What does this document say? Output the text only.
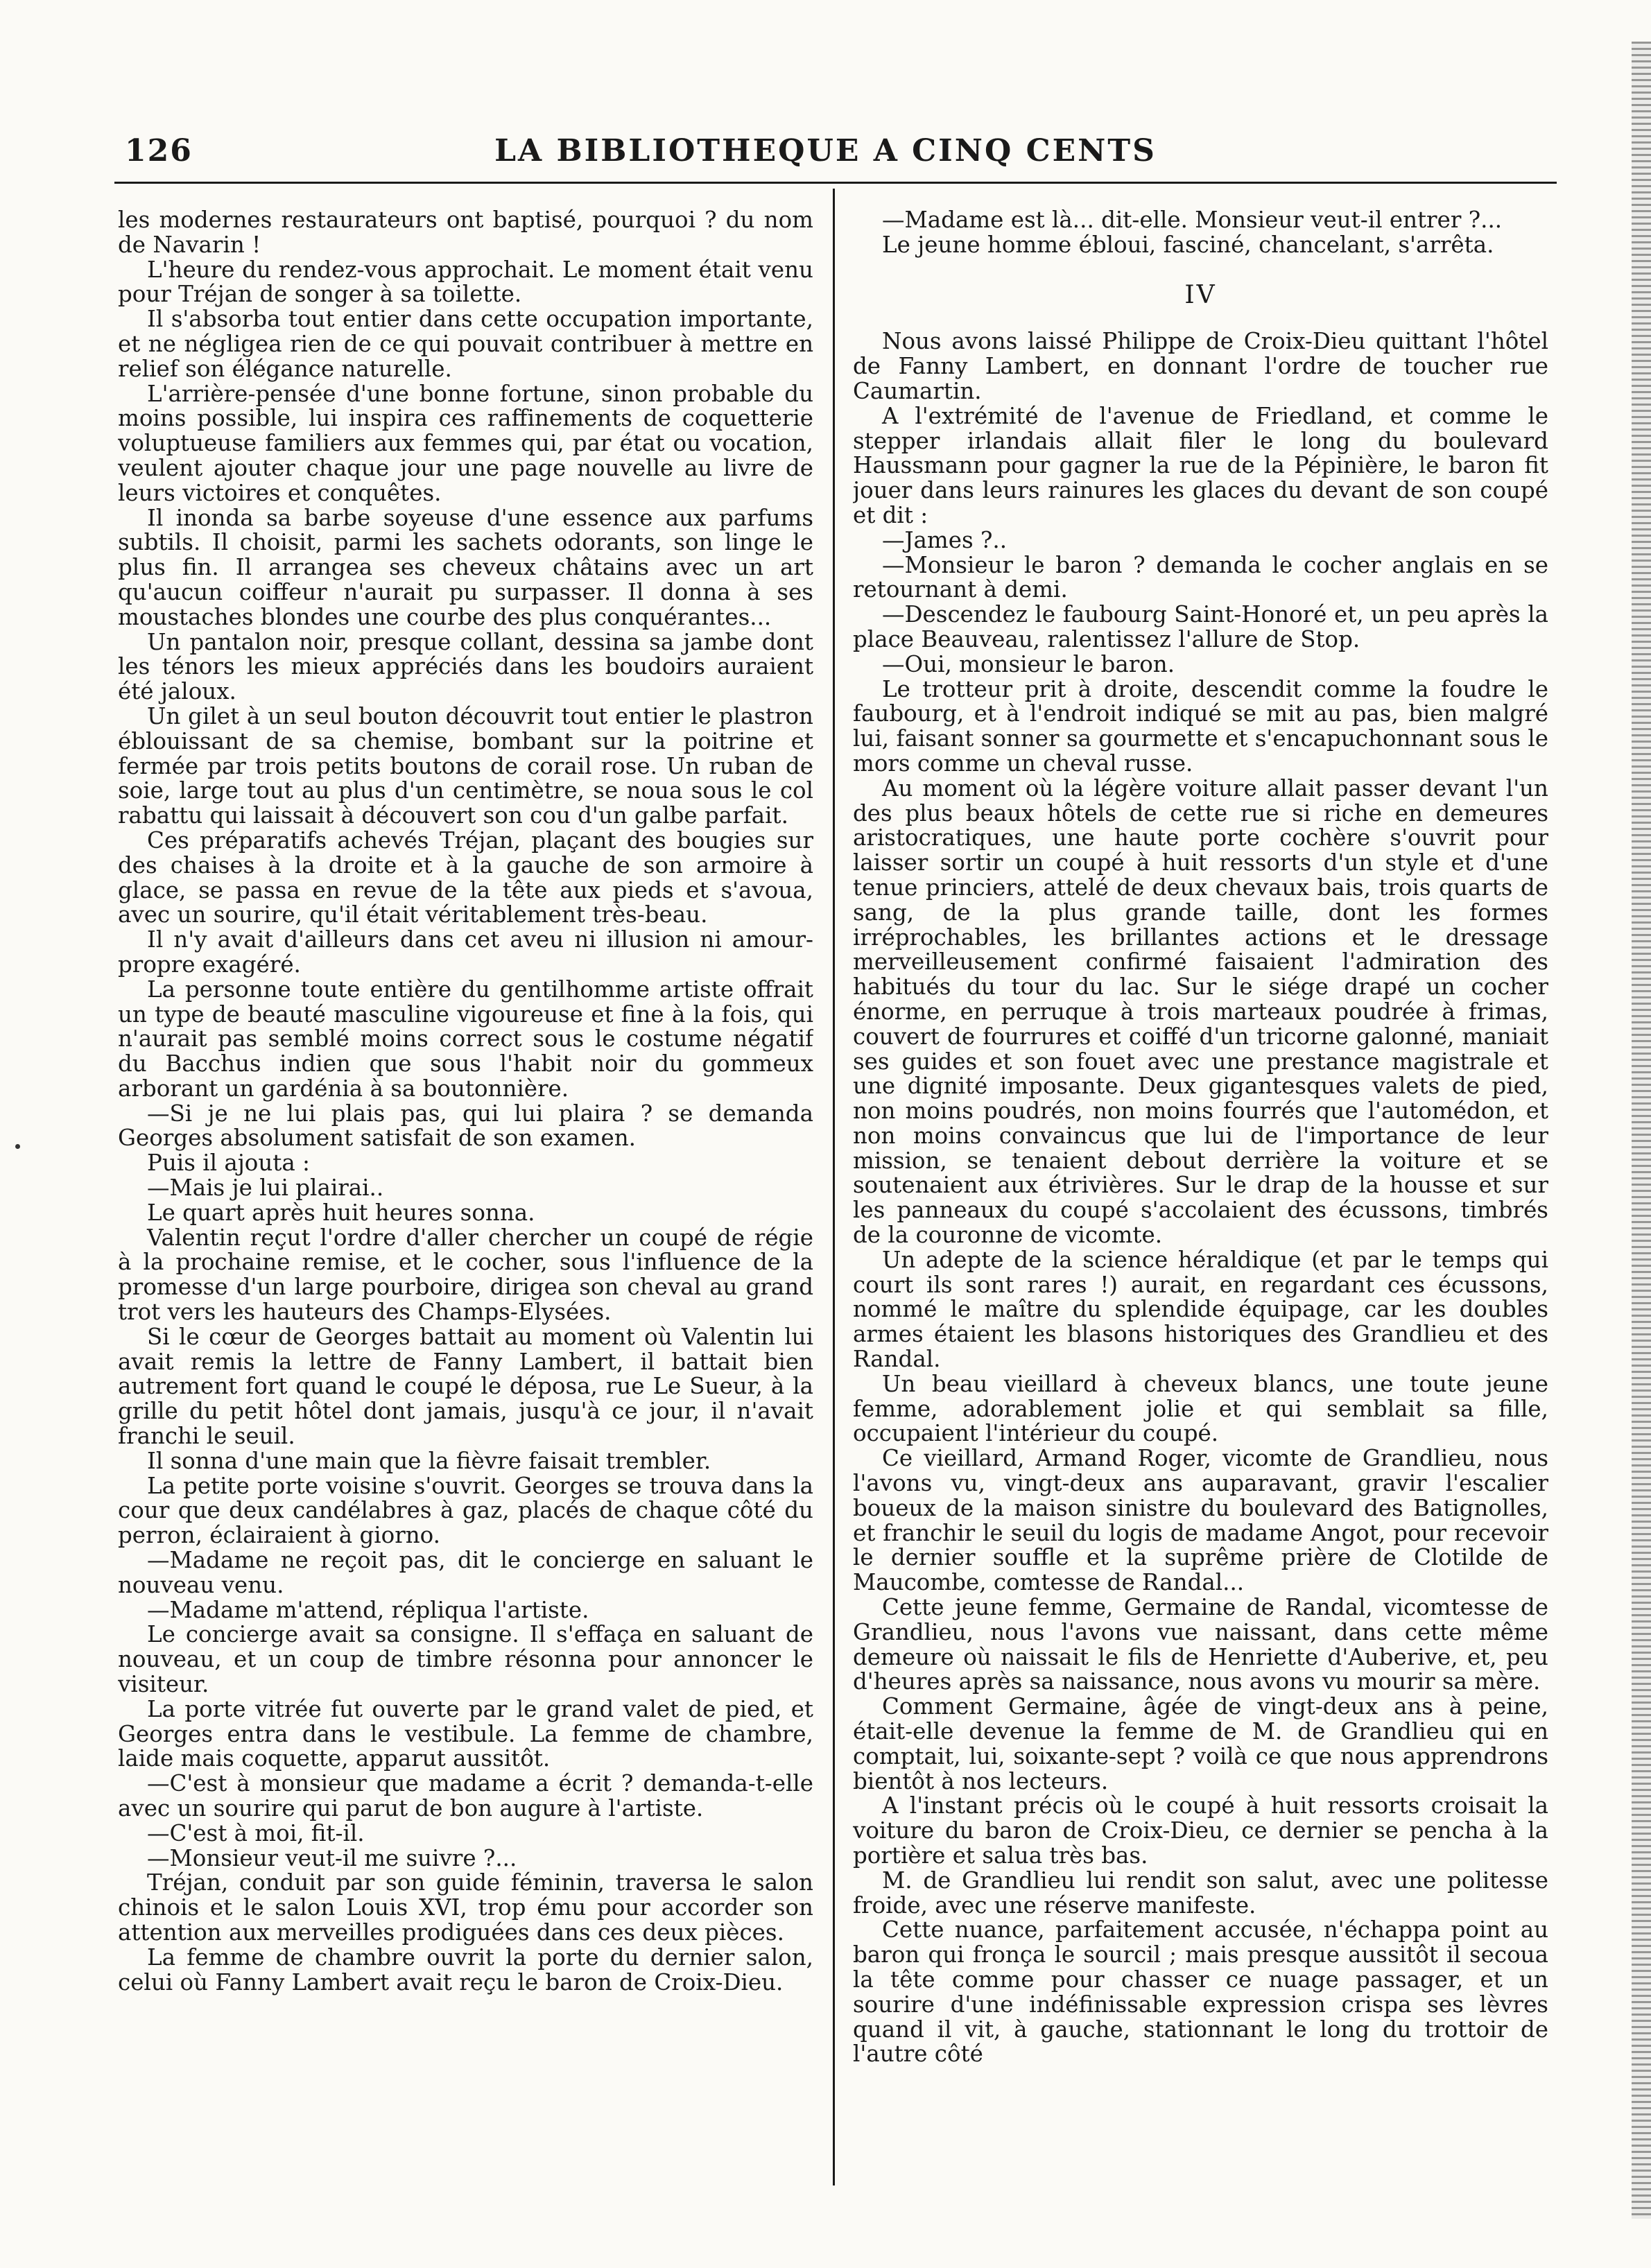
126	LA BIBLIOTHEQUE A CINQ CENTS

les modernes restaurateurs ont baptisé, pourquoi ? du nom de Navarin !

L'heure du rendez-vous approchait. Le moment était venu pour Tréjan de songer à sa toilette.

Il s'absorba tout entier dans cette occupation importante, et ne négligea rien de ce qui pouvait contribuer à mettre en relief son élégance naturelle.

L'arrière-pensée d'une bonne fortune, sinon probable du moins possible, lui inspira ces raffinements de coquetterie voluptueuse familiers aux femmes qui, par état ou vocation, veulent ajouter chaque jour une page nouvelle au livre de leurs victoires et conquêtes.

Il inonda sa barbe soyeuse d'une essence aux parfums subtils. Il choisit, parmi les sachets odorants, son linge le plus fin. Il arrangea ses cheveux châtains avec un art qu'aucun coiffeur n'aurait pu surpasser. Il donna à ses moustaches blondes une courbe des plus conquérantes...

Un pantalon noir, presque collant, dessina sa jambe dont les ténors les mieux appréciés dans les boudoirs auraient été jaloux.

Un gilet à un seul bouton découvrit tout entier le plastron éblouissant de sa chemise, bombant sur la poitrine et fermée par trois petits boutons de corail rose. Un ruban de soie, large tout au plus d'un centimètre, se noua sous le col rabattu qui laissait à découvert son cou d'un galbe parfait.

Ces préparatifs achevés Tréjan, plaçant des bougies sur des chaises à la droite et à la gauche de son armoire à glace, se passa en revue de la tête aux pieds et s'avoua, avec un sourire, qu'il était véritablement très-beau.

Il n'y avait d'ailleurs dans cet aveu ni illusion ni amour-propre exagéré.

La personne toute entière du gentilhomme artiste offrait un type de beauté masculine vigoureuse et fine à la fois, qui n'aurait pas semblé moins correct sous le costume négatif du Bacchus indien que sous l'habit noir du gommeux arborant un gardénia à sa boutonnière.

—Si je ne lui plais pas, qui lui plaira ? se demanda Georges absolument satisfait de son examen.

Puis il ajouta :

—Mais je lui plairai..

Le quart après huit heures sonna.

Valentin reçut l'ordre d'aller chercher un coupé de régie à la prochaine remise, et le cocher, sous l'influence de la promesse d'un large pourboire, dirigea son cheval au grand trot vers les hauteurs des Champs-Elysées.

Si le cœur de Georges battait au moment où Valentin lui avait remis la lettre de Fanny Lambert, il battait bien autrement fort quand le coupé le déposa, rue Le Sueur, à la grille du petit hôtel dont jamais, jusqu'à ce jour, il n'avait franchi le seuil.

Il sonna d'une main que la fièvre faisait trembler.

La petite porte voisine s'ouvrit. Georges se trouva dans la cour que deux candélabres à gaz, placés de chaque côté du perron, éclairaient à giorno.

—Madame ne reçoit pas, dit le concierge en saluant le nouveau venu.

—Madame m'attend, répliqua l'artiste.

Le concierge avait sa consigne. Il s'effaça en saluant de nouveau, et un coup de timbre résonna pour annoncer le visiteur.

La porte vitrée fut ouverte par le grand valet de pied, et Georges entra dans le vestibule. La femme de chambre, laide mais coquette, apparut aussitôt.

—C'est à monsieur que madame a écrit ? demanda-t-elle avec un sourire qui parut de bon augure à l'artiste.

—C'est à moi, fit-il.

—Monsieur veut-il me suivre ?...

Tréjan, conduit par son guide féminin, traversa le salon chinois et le salon Louis XVI, trop ému pour accorder son attention aux merveilles prodiguées dans ces deux pièces.

La femme de chambre ouvrit la porte du dernier salon, celui où Fanny Lambert avait reçu le baron de Croix-Dieu.

—Madame est là... dit-elle. Monsieur veut-il entrer ?...

Le jeune homme ébloui, fasciné, chancelant, s'arrêta.

IV

Nous avons laissé Philippe de Croix-Dieu quittant l'hôtel de Fanny Lambert, en donnant l'ordre de toucher rue Caumartin.

A l'extrémité de l'avenue de Friedland, et comme le stepper irlandais allait filer le long du boulevard Haussmann pour gagner la rue de la Pépinière, le baron fit jouer dans leurs rainures les glaces du devant de son coupé et dit :

—James ?..

—Monsieur le baron ? demanda le cocher anglais en se retournant à demi.

—Descendez le faubourg Saint-Honoré et, un peu après la place Beauveau, ralentissez l'allure de Stop.

—Oui, monsieur le baron.

Le trotteur prit à droite, descendit comme la foudre le faubourg, et à l'endroit indiqué se mit au pas, bien malgré lui, faisant sonner sa gourmette et s'encapuchonnant sous le mors comme un cheval russe.

Au moment où la légère voiture allait passer devant l'un des plus beaux hôtels de cette rue si riche en demeures aristocratiques, une haute porte cochère s'ouvrit pour laisser sortir un coupé à huit ressorts d'un style et d'une tenue princiers, attelé de deux chevaux bais, trois quarts de sang, de la plus grande taille, dont les formes irréprochables, les brillantes actions et le dressage merveilleusement confirmé faisaient l'admiration des habitués du tour du lac. Sur le siége drapé un cocher énorme, en perruque à trois marteaux poudrée à frimas, couvert de fourrures et coiffé d'un tricorne galonné, maniait ses guides et son fouet avec une prestance magistrale et une dignité imposante. Deux gigantesques valets de pied, non moins poudrés, non moins fourrés que l'automédon, et non moins convaincus que lui de l'importance de leur mission, se tenaient debout derrière la voiture et se soutenaient aux étrivières. Sur le drap de la housse et sur les panneaux du coupé s'accolaient des écussons, timbrés de la couronne de vicomte.

Un adepte de la science héraldique (et par le temps qui court ils sont rares !) aurait, en regardant ces écussons, nommé le maître du splendide équipage, car les doubles armes étaient les blasons historiques des Grandlieu et des Randal.

Un beau vieillard à cheveux blancs, une toute jeune femme, adorablement jolie et qui semblait sa fille, occupaient l'intérieur du coupé.

Ce vieillard, Armand Roger, vicomte de Grandlieu, nous l'avons vu, vingt-deux ans auparavant, gravir l'escalier boueux de la maison sinistre du boulevard des Batignolles, et franchir le seuil du logis de madame Angot, pour recevoir le dernier souffle et la suprême prière de Clotilde de Maucombe, comtesse de Randal...

Cette jeune femme, Germaine de Randal, vicomtesse de Grandlieu, nous l'avons vue naissant, dans cette même demeure où naissait le fils de Henriette d'Auberive, et, peu d'heures après sa naissance, nous avons vu mourir sa mère.

Comment Germaine, âgée de vingt-deux ans à peine, était-elle devenue la femme de M. de Grandlieu qui en comptait, lui, soixante-sept ? voilà ce que nous apprendrons bientôt à nos lecteurs.

A l'instant précis où le coupé à huit ressorts croisait la voiture du baron de Croix-Dieu, ce dernier se pencha à la portière et salua très bas.

M. de Grandlieu lui rendit son salut, avec une politesse froide, avec une réserve manifeste.

Cette nuance, parfaitement accusée, n'échappa point au baron qui fronça le sourcil ; mais presque aussitôt il secoua la tête comme pour chasser ce nuage passager, et un sourire d'une indéfinissable expression crispa ses lèvres quand il vit, à gauche, stationnant le long du trottoir de l'autre côté
